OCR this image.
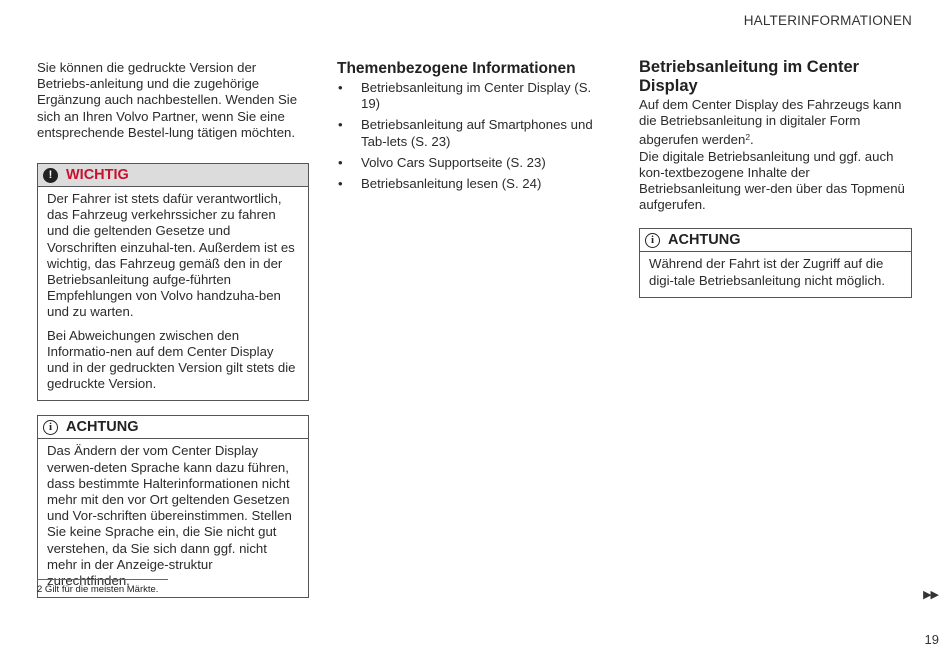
HALTERINFORMATIONEN

Sie können die gedruckte Version der Betriebs-anleitung und die zugehörige Ergänzung auch nachbestellen. Wenden Sie sich an Ihren Volvo Partner, wenn Sie eine entsprechende Bestel-lung tätigen möchten.

! WICHTIG

Der Fahrer ist stets dafür verantwortlich, das Fahrzeug verkehrssicher zu fahren und die geltenden Gesetze und Vorschriften einzuhal-ten. Außerdem ist es wichtig, das Fahrzeug gemäß den in der Betriebsanleitung aufge-führten Empfehlungen von Volvo handzuha-ben und zu warten.

Bei Abweichungen zwischen den Informatio-nen auf dem Center Display und in der gedruckten Version gilt stets die gedruckte Version.

i ACHTUNG

Das Ändern der vom Center Display verwen-deten Sprache kann dazu führen, dass bestimmte Halterinformationen nicht mehr mit den vor Ort geltenden Gesetzen und Vor-schriften übereinstimmen. Stellen Sie keine Sprache ein, die Sie nicht gut verstehen, da Sie sich dann ggf. nicht mehr in der Anzeige-struktur zurechtfinden.

Themenbezogene Informationen
• Betriebsanleitung im Center Display (S. 19)
• Betriebsanleitung auf Smartphones und Tab-lets (S. 23)
• Volvo Cars Supportseite (S. 23)
• Betriebsanleitung lesen (S. 24)
Betriebsanleitung im Center Display

Auf dem Center Display des Fahrzeugs kann die Betriebsanleitung in digitaler Form abgerufen werden$^2$.

Die digitale Betriebsanleitung und ggf. auch kon-textbezogene Inhalte der Betriebsanleitung wer-den über das Topmenü aufgerufen.

i ACHTUNG

Während der Fahrt ist der Zugriff auf die digi-tale Betriebsanleitung nicht möglich.

2 Gilt für die meisten Märkte.	▶▶
19
